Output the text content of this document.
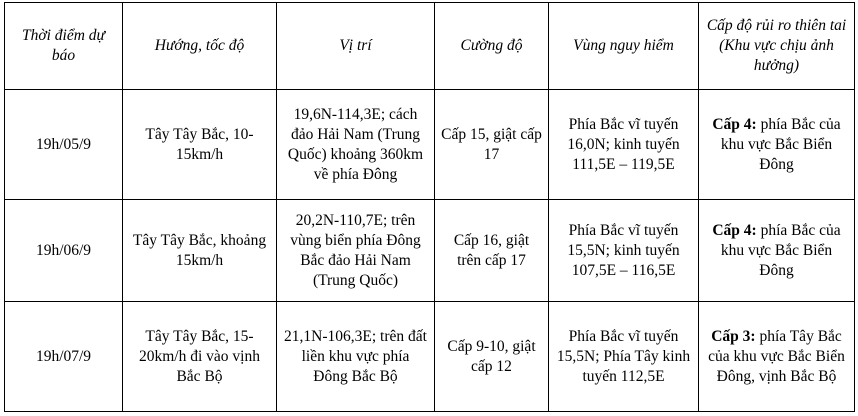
Thời điểm dự báo	Hướng, tốc độ	Vị trí	Cường độ	Vùng nguy hiểm	Cấp độ rủi ro thiên tai (Khu vực chịu ảnh hưởng)
19h/05/9	Tây Tây Bắc, 10-15km/h	19,6N-114,3E; cách đảo Hải Nam (Trung Quốc) khoảng 360km về phía Đông	Cấp 15, giật cấp 17	Phía Bắc vĩ tuyến 16,0N; kinh tuyến 111,5E – 119,5E	Cấp 4: phía Bắc của khu vực Bắc Biển Đông
19h/06/9	Tây Tây Bắc, khoảng 15km/h	20,2N-110,7E; trên vùng biển phía Đông Bắc đảo Hải Nam (Trung Quốc)	Cấp 16, giật trên cấp 17	Phía Bắc vĩ tuyến 15,5N; kinh tuyến 107,5E – 116,5E	Cấp 4: phía Bắc của khu vực Bắc Biển Đông
19h/07/9	Tây Tây Bắc, 15-20km/h đi vào vịnh Bắc Bộ	21,1N-106,3E; trên đất liền khu vực phía Đông Bắc Bộ	Cấp 9-10, giật cấp 12	Phía Bắc vĩ tuyến 15,5N; Phía Tây kinh tuyến 112,5E	Cấp 3: phía Tây Bắc của khu vực Bắc Biển Đông, vịnh Bắc Bộ
